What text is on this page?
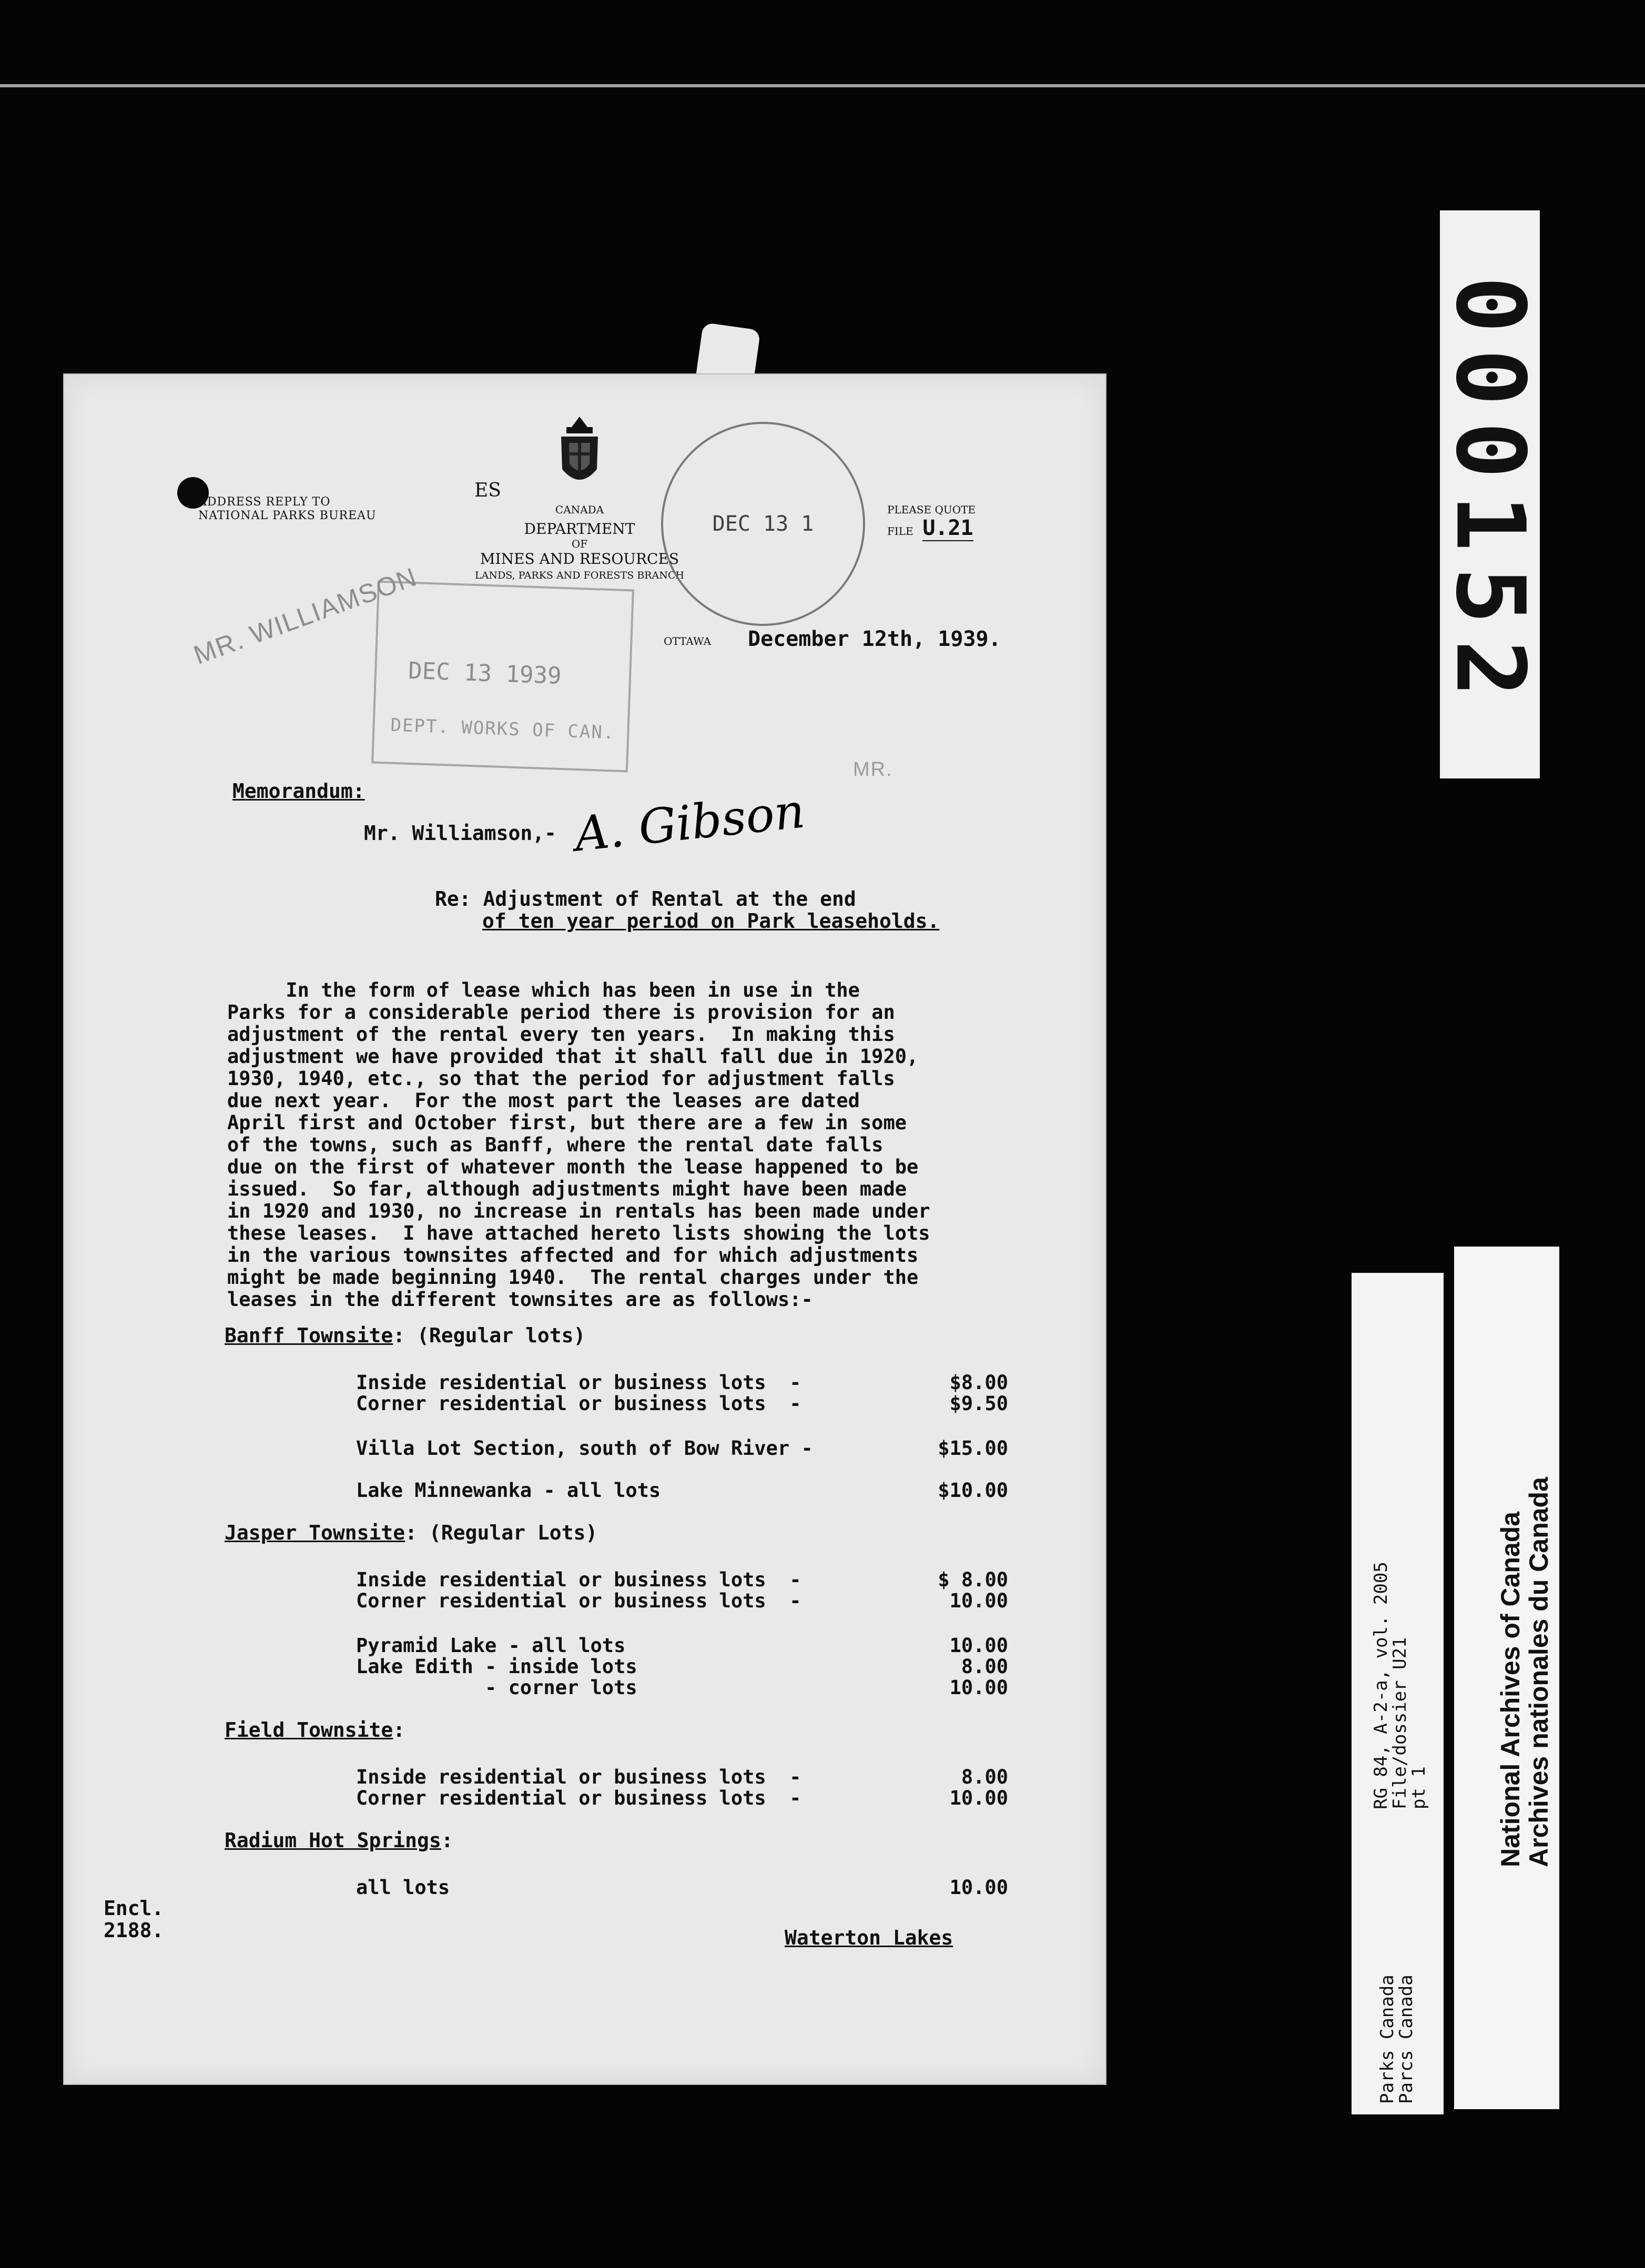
000152
ADDRESS REPLY TO
NATIONAL PARKS BUREAU
ES
CANADA
DEPARTMENT
OF
MINES AND RESOURCES
LANDS, PARKS AND FORESTS BRANCH
DEC 13 1
PLEASE QUOTE
FILE U.21
DEC 13 1939
DEPT. WORKS OF CAN.
MR. WILLIAMSON
MR.
OTTAWA December 12th, 1939.
Memorandum:
Mr. Williamson,- A. Gibson
Re: Adjustment of Rental at the end
of ten year period on Park leaseholds.
In the form of lease which has been in use in the
Parks for a considerable period there is provision for an
adjustment of the rental every ten years.  In making this
adjustment we have provided that it shall fall due in 1920,
1930, 1940, etc., so that the period for adjustment falls
due next year.  For the most part the leases are dated
April first and October first, but there are a few in some
of the towns, such as Banff, where the rental date falls
due on the first of whatever month the lease happened to be
issued.  So far, although adjustments might have been made
in 1920 and 1930, no increase in rentals has been made under
these leases.  I have attached hereto lists showing the lots
in the various townsites affected and for which adjustments
might be made beginning 1940.  The rental charges under the
leases in the different townsites are as follows:-
Banff Townsite: (Regular lots)
Inside residential or business lots  -	$8.00
Corner residential or business lots  -	$9.50
Villa Lot Section, south of Bow River -	$15.00
Lake Minnewanka - all lots	$10.00
Jasper Townsite: (Regular Lots)
Inside residential or business lots  -	$ 8.00
Corner residential or business lots  -	10.00
Pyramid Lake - all lots	10.00
Lake Edith - inside lots	8.00
- corner lots	10.00
Field Townsite:
Inside residential or business lots  -	8.00
Corner residential or business lots  -	10.00
Radium Hot Springs:
all lots	10.00
Encl.
2188.	Waterton Lakes
RG 84, A-2-a, vol. 2005
File/dossier U21
pt 1
Parks Canada
Parcs Canada
National Archives of Canada
Archives nationales du Canada
